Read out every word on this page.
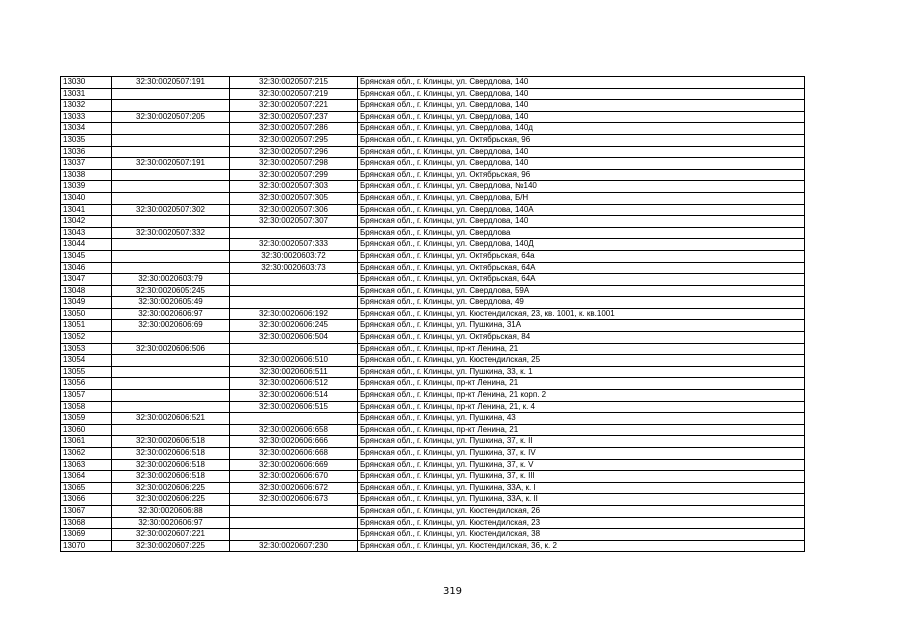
13030	32:30:0020507:191	32:30:0020507:215	Брянская обл., г. Клинцы, ул. Свердлова, 140
13031		32:30:0020507:219	Брянская обл., г. Клинцы, ул. Свердлова, 140
13032		32:30:0020507:221	Брянская обл., г. Клинцы, ул. Свердлова, 140
13033	32:30:0020507:205	32:30:0020507:237	Брянская обл., г. Клинцы, ул. Свердлова, 140
13034		32:30:0020507:286	Брянская обл., г. Клинцы, ул. Свердлова, 140д
13035		32:30:0020507:295	Брянская обл., г. Клинцы, ул. Октябрьская, 96
13036		32:30:0020507:296	Брянская обл., г. Клинцы, ул. Свердлова, 140
13037	32:30:0020507:191	32:30:0020507:298	Брянская обл., г. Клинцы, ул. Свердлова, 140
13038		32:30:0020507:299	Брянская обл., г. Клинцы, ул. Октябрьская, 96
13039		32:30:0020507:303	Брянская обл., г. Клинцы, ул. Свердлова, №140
13040		32:30:0020507:305	Брянская обл., г. Клинцы, ул. Свердлова, Б/Н
13041	32:30:0020507:302	32:30:0020507:306	Брянская обл., г. Клинцы, ул. Свердлова, 140А
13042		32:30:0020507:307	Брянская обл., г. Клинцы, ул. Свердлова, 140
13043	32:30:0020507:332		Брянская обл., г. Клинцы, ул. Свердлова
13044		32:30:0020507:333	Брянская обл., г. Клинцы, ул. Свердлова, 140Д
13045		32:30:0020603:72	Брянская обл., г. Клинцы, ул. Октябрьская, 64а
13046		32:30:0020603:73	Брянская обл., г. Клинцы, ул. Октябрьская, 64А
13047	32:30:0020603:79		Брянская обл., г. Клинцы, ул. Октябрьская, 64А
13048	32:30:0020605:245		Брянская обл., г. Клинцы, ул. Свердлова, 59А
13049	32:30:0020605:49		Брянская обл., г. Клинцы, ул. Свердлова, 49
13050	32:30:0020606:97	32:30:0020606:192	Брянская обл., г. Клинцы, ул. Кюстендилская, 23, кв. 1001, к. кв.1001
13051	32:30:0020606:69	32:30:0020606:245	Брянская обл., г. Клинцы, ул. Пушкина, 31А
13052		32:30:0020606:504	Брянская обл., г. Клинцы, ул. Октябрьская, 84
13053	32:30:0020606:506		Брянская обл., г. Клинцы, пр-кт Ленина, 21
13054		32:30:0020606:510	Брянская обл., г. Клинцы, ул. Кюстендилская, 25
13055		32:30:0020606:511	Брянская обл., г. Клинцы, ул. Пушкина, 33, к. 1
13056		32:30:0020606:512	Брянская обл., г. Клинцы, пр-кт Ленина, 21
13057		32:30:0020606:514	Брянская обл., г. Клинцы, пр-кт Ленина, 21 корп. 2
13058		32:30:0020606:515	Брянская обл., г. Клинцы, пр-кт Ленина, 21, к. 4
13059	32:30:0020606:521		Брянская обл., г. Клинцы, ул. Пушкина, 43
13060		32:30:0020606:658	Брянская обл., г. Клинцы, пр-кт Ленина, 21
13061	32:30:0020606:518	32:30:0020606:666	Брянская обл., г. Клинцы, ул. Пушкина, 37, к. II
13062	32:30:0020606:518	32:30:0020606:668	Брянская обл., г. Клинцы, ул. Пушкина, 37, к. IV
13063	32:30:0020606:518	32:30:0020606:669	Брянская обл., г. Клинцы, ул. Пушкина, 37, к. V
13064	32:30:0020606:518	32:30:0020606:670	Брянская обл., г. Клинцы, ул. Пушкина, 37, к. III
13065	32:30:0020606:225	32:30:0020606:672	Брянская обл., г. Клинцы, ул. Пушкина, 33А, к. I
13066	32:30:0020606:225	32:30:0020606:673	Брянская обл., г. Клинцы, ул. Пушкина, 33А, к. II
13067	32:30:0020606:88		Брянская обл., г. Клинцы, ул. Кюстендилская, 26
13068	32:30:0020606:97		Брянская обл., г. Клинцы, ул. Кюстендилская, 23
13069	32:30:0020607:221		Брянская обл., г. Клинцы, ул. Кюстендилская, 38
13070	32:30:0020607:225	32:30:0020607:230	Брянская обл., г. Клинцы, ул. Кюстендилская, 36, к. 2
319
